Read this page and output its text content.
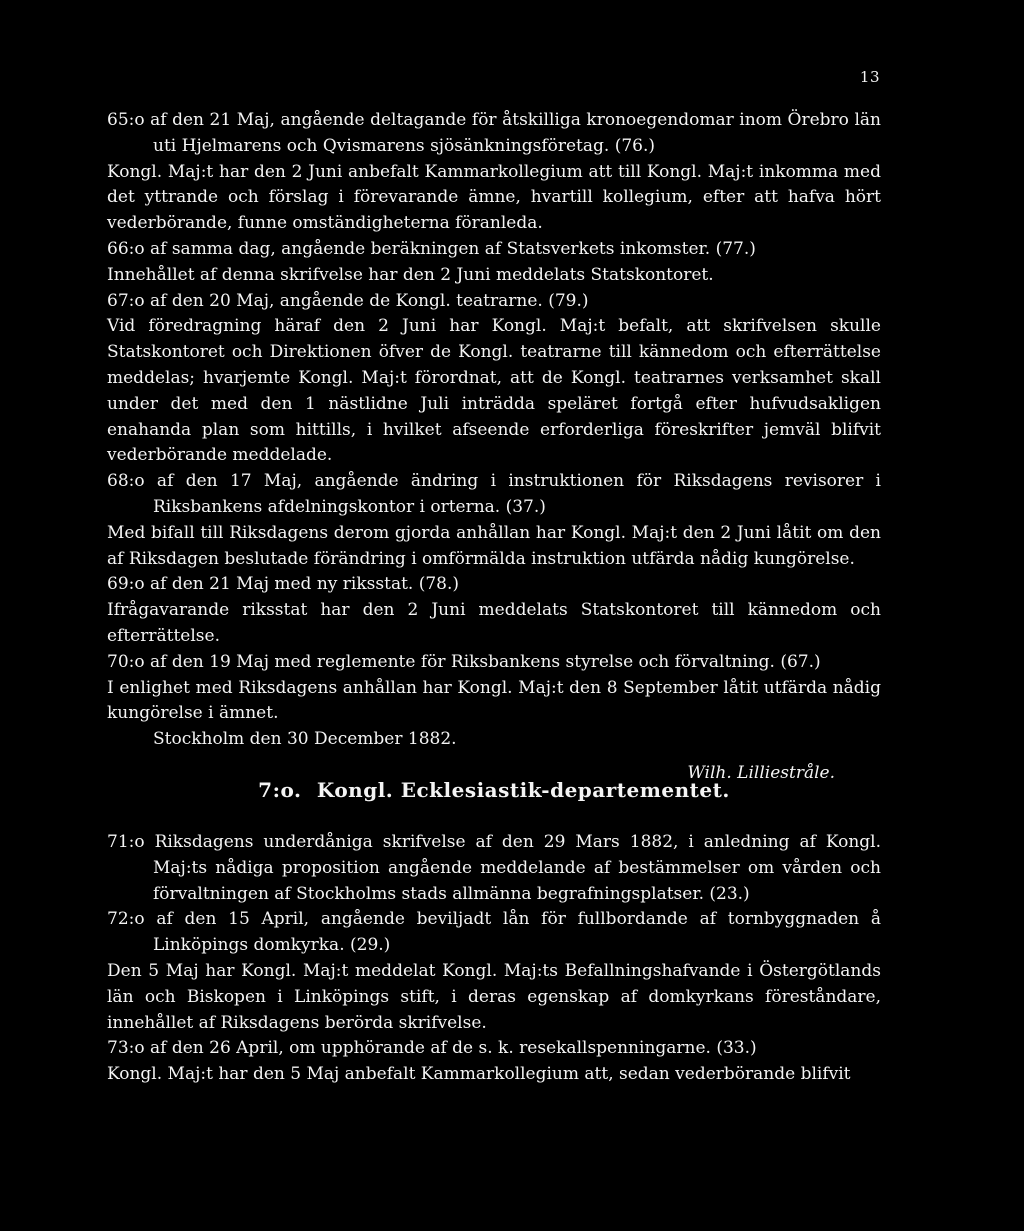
13

65:o af den 21 Maj, angående deltagande för åtskilliga kronoegendomar inom Örebro län uti Hjelmarens och Qvismarens sjösänkningsföretag. (76.)

Kongl. Maj:t har den 2 Juni anbefalt Kammarkollegium att till Kongl. Maj:t inkomma med det yttrande och förslag i förevarande ämne, hvartill kollegium, efter att hafva hört vederbörande, funne omständigheterna föranleda.

66:o af samma dag, angående beräkningen af Statsverkets inkomster. (77.)

Innehållet af denna skrifvelse har den 2 Juni meddelats Statskontoret.

67:o af den 20 Maj, angående de Kongl. teatrarne. (79.)

Vid föredragning häraf den 2 Juni har Kongl. Maj:t befalt, att skrifvelsen skulle Statskontoret och Direktionen öfver de Kongl. teatrarne till kännedom och efterrättelse meddelas; hvarjemte Kongl. Maj:t förordnat, att de Kongl. teatrarnes verksamhet skall under det med den 1 nästlidne Juli inträdda speläret fortgå efter hufvudsakligen enahanda plan som hittills, i hvilket afseende erforderliga föreskrifter jemväl blifvit vederbörande meddelade.

68:o af den 17 Maj, angående ändring i instruktionen för Riksdagens revisorer i Riksbankens afdelningskontor i orterna. (37.)

Med bifall till Riksdagens derom gjorda anhållan har Kongl. Maj:t den 2 Juni låtit om den af Riksdagen beslutade förändring i omförmälda instruktion utfärda nådig kungörelse.

69:o af den 21 Maj med ny riksstat. (78.)

Ifrågavarande riksstat har den 2 Juni meddelats Statskontoret till kännedom och efterrättelse.

70:o af den 19 Maj med reglemente för Riksbankens styrelse och förvaltning. (67.)

I enlighet med Riksdagens anhållan har Kongl. Maj:t den 8 September låtit utfärda nådig kungörelse i ämnet.

Stockholm den 30 December 1882.

Wilh. Lilliestråle.

7:o. Kongl. Ecklesiastik-departementet.

71:o Riksdagens underdåniga skrifvelse af den 29 Mars 1882, i anledning af Kongl. Maj:ts nådiga proposition angående meddelande af bestämmelser om vården och förvaltningen af Stockholms stads allmänna begrafningsplatser. (23.)

72:o af den 15 April, angående beviljadt lån för fullbordande af tornbyggnaden å Linköpings domkyrka. (29.)

Den 5 Maj har Kongl. Maj:t meddelat Kongl. Maj:ts Befallningshafvande i Östergötlands län och Biskopen i Linköpings stift, i deras egenskap af domkyrkans föreståndare, innehållet af Riksdagens berörda skrifvelse.

73:o af den 26 April, om upphörande af de s. k. resekallspenningarne. (33.)

Kongl. Maj:t har den 5 Maj anbefalt Kammarkollegium att, sedan vederbörande blifvit
